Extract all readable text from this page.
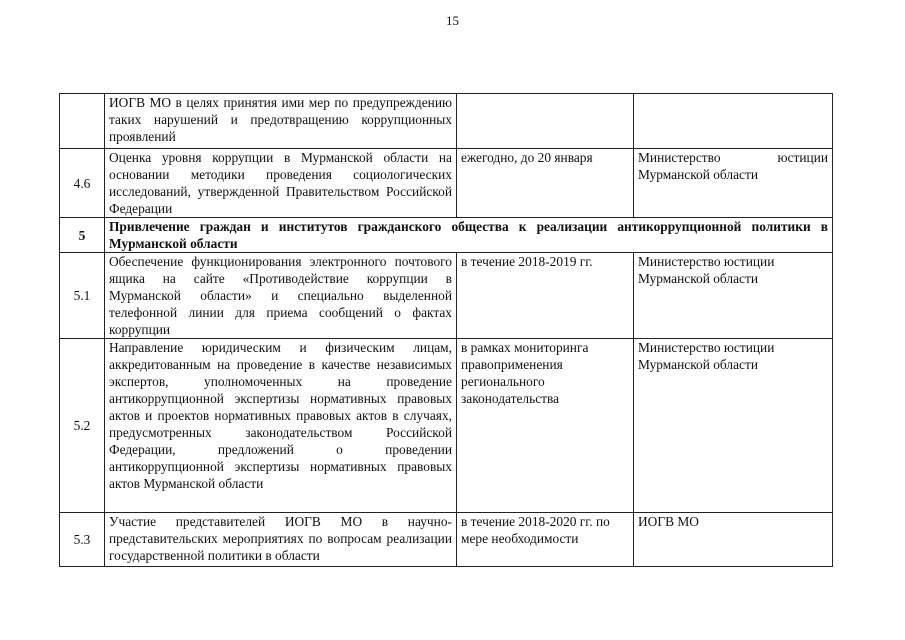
15
	ИОГВ МО в целях принятия ими мер по предупреждению таких нарушений и предотвращению коррупционных проявлений		
4.6	Оценка уровня коррупции в Мурманской области на основании методики проведения социологических исследований, утвержденной Правительством Российской Федерации	ежегодно, до 20 января	Министерство юстиции Мурманской области
5	Привлечение граждан и институтов гражданского общества к реализации антикоррупционной политики в Мурманской области		
5.1	Обеспечение функционирования электронного почтового ящика на сайте «Противодействие коррупции в Мурманской области» и специально выделенной телефонной линии для приема сообщений о фактах коррупции	в течение 2018-2019 гг.	Министерство юстиции Мурманской области
5.2	Направление юридическим и физическим лицам, аккредитованным на проведение в качестве независимых экспертов, уполномоченных на проведение антикоррупционной экспертизы нормативных правовых актов и проектов нормативных правовых актов в случаях, предусмотренных законодательством Российской Федерации, предложений о проведении антикоррупционной экспертизы нормативных правовых актов Мурманской области	в рамках мониторинга правоприменения регионального законодательства	Министерство юстиции Мурманской области
5.3	Участие представителей ИОГВ МО в научно-представительских мероприятиях по вопросам реализации государственной политики в области	в течение 2018-2020 гг. по мере необходимости	ИОГВ МО
